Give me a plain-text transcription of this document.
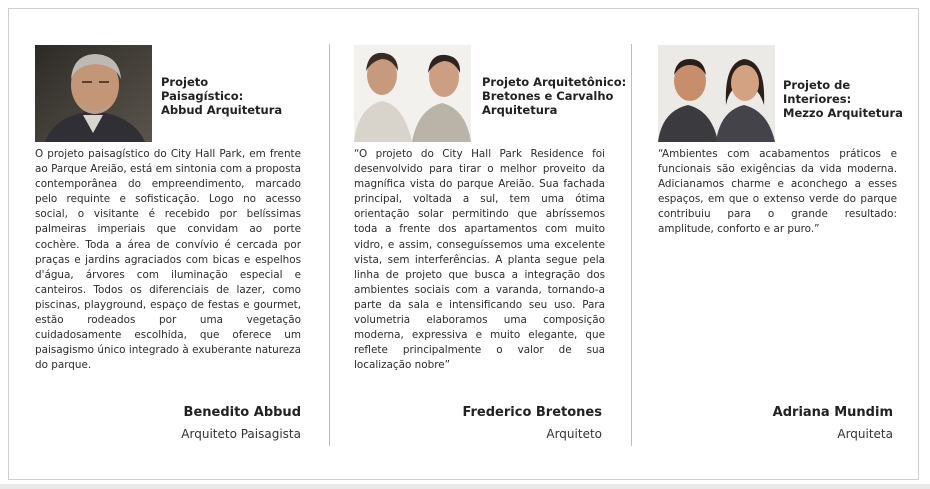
Projeto
Paisagístico:
Abbud Arquitetura
O projeto paisagístico do City Hall Park, em frente ao Parque Areião, está em sintonia com a proposta contemporânea do empreendimento, marcado pelo requinte e sofisticação. Logo no acesso social, o visitante é recebido por belíssimas palmeiras imperiais que convidam ao porte cochère. Toda a área de convívio é cercada por praças e jardins agraciados com bicas e espelhos d'água, árvores com iluminação especial e canteiros. Todos os diferenciais de lazer, como piscinas, playground, espaço de festas e gourmet, estão rodeados por uma vegetação cuidadosamente escolhida, que oferece um paisagismo único integrado à exuberante natureza do parque.
Benedito Abbud
Arquiteto Paisagista
Projeto Arquitetônico:
Bretones e Carvalho
Arquitetura
“O projeto do City Hall Park Residence foi desenvolvido para tirar o melhor proveito da magnífica vista do parque Areião. Sua fachada principal, voltada a sul, tem uma ótima orientação solar permitindo que abríssemos toda a frente dos apartamentos com muito vidro, e assim, conseguíssemos uma excelente vista, sem interferências. A planta segue pela linha de projeto que busca a integração dos ambientes sociais com a varanda, tornando-a parte da sala e intensificando seu uso. Para volumetria elaboramos uma composição moderna, expressiva e muito elegante, que reflete principalmente o valor de sua localização nobre”
Frederico Bretones
Arquiteto
Projeto de
Interiores:
Mezzo Arquitetura
“Ambientes com acabamentos práticos e funcionais são exigências da vida moderna. Adicianamos charme e aconchego a esses espaços, em que o extenso verde do parque contribuiu para o grande resultado: amplitude, conforto e ar puro.”
Adriana Mundim
Arquiteta
